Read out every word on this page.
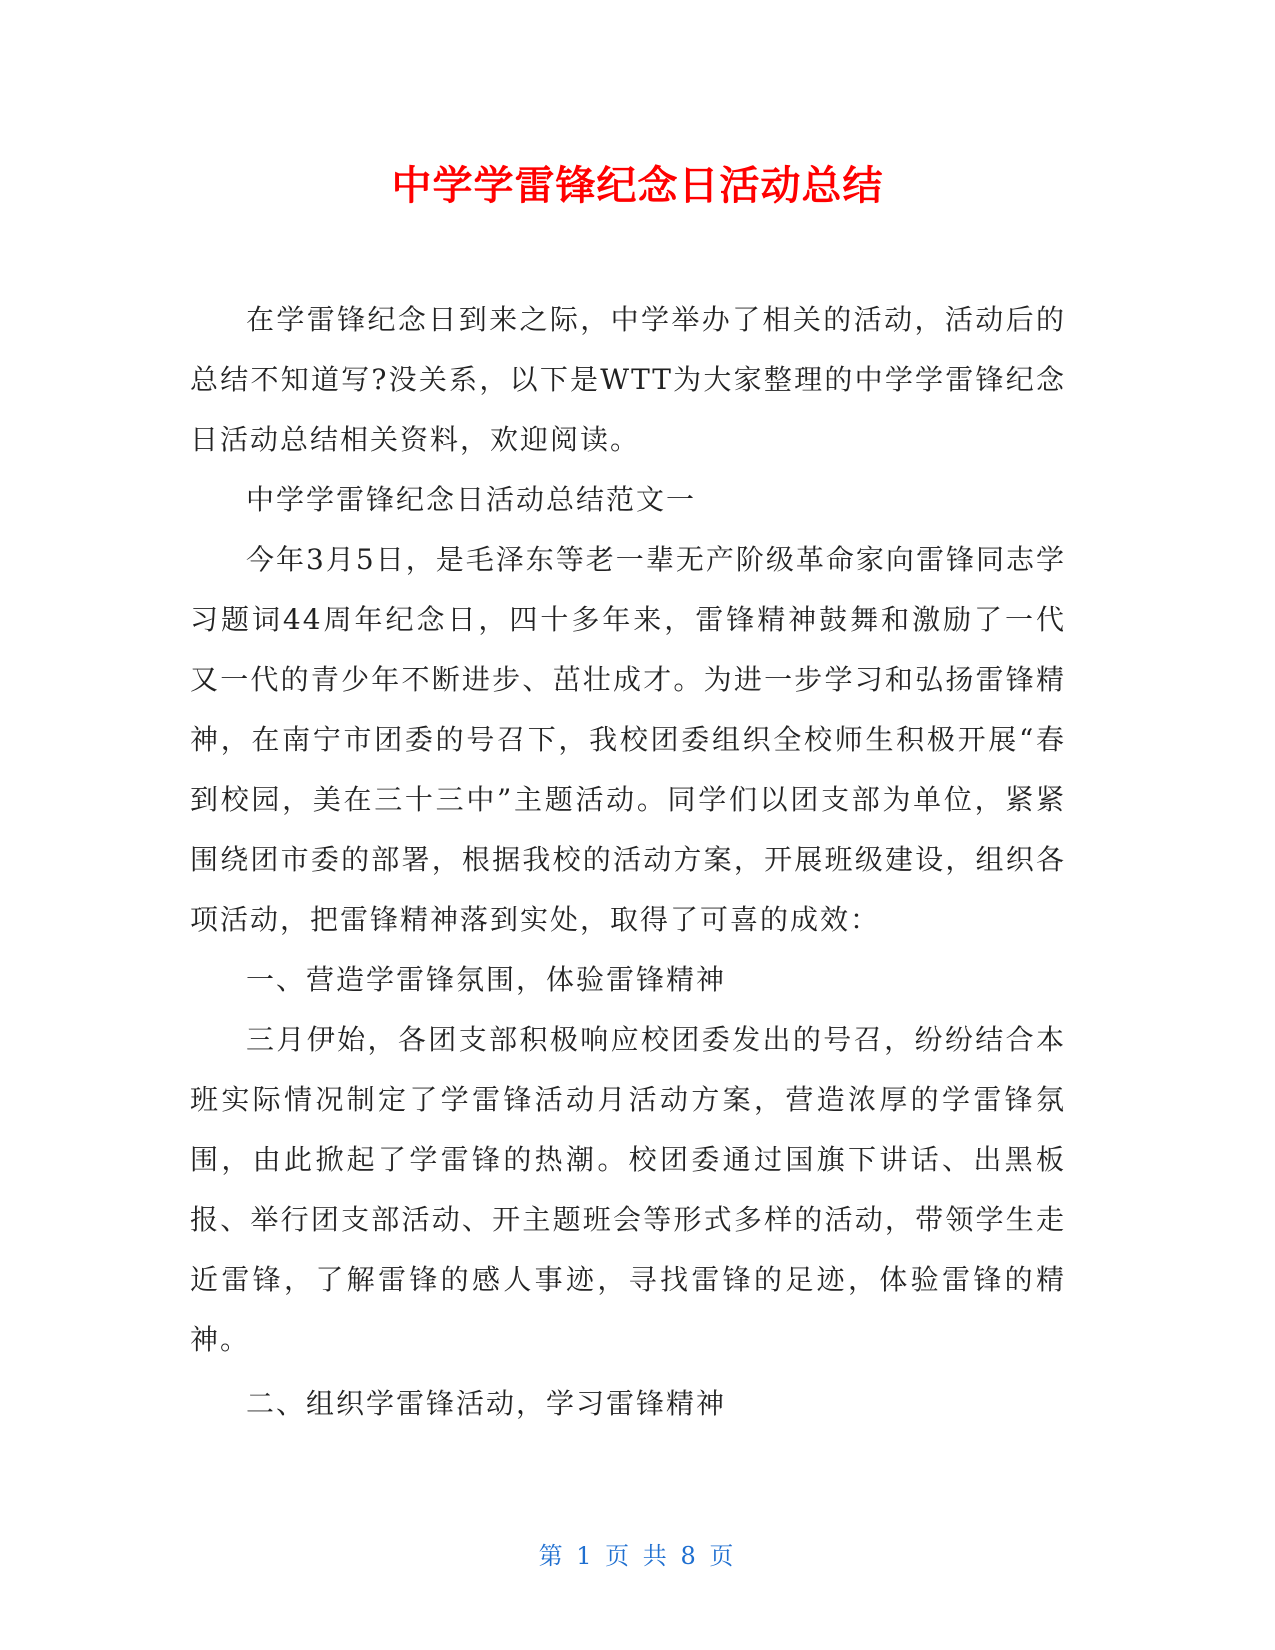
中学学雷锋纪念日活动总结

在学雷锋纪念日到来之际，中学举办了相关的活动，活动后的总结不知道写?没关系，以下是WTT为大家整理的中学学雷锋纪念日活动总结相关资料，欢迎阅读。

中学学雷锋纪念日活动总结范文一

今年3月5日，是毛泽东等老一辈无产阶级革命家向雷锋同志学习题词44周年纪念日，四十多年来，雷锋精神鼓舞和激励了一代又一代的青少年不断进步、茁壮成才。为进一步学习和弘扬雷锋精神，在南宁市团委的号召下，我校团委组织全校师生积极开展“春到校园，美在三十三中”主题活动。同学们以团支部为单位，紧紧围绕团市委的部署，根据我校的活动方案，开展班级建设，组织各项活动，把雷锋精神落到实处，取得了可喜的成效：

一、营造学雷锋氛围，体验雷锋精神

三月伊始，各团支部积极响应校团委发出的号召，纷纷结合本班实际情况制定了学雷锋活动月活动方案，营造浓厚的学雷锋氛围，由此掀起了学雷锋的热潮。校团委通过国旗下讲话、出黑板报、举行团支部活动、开主题班会等形式多样的活动，带领学生走近雷锋，了解雷锋的感人事迹，寻找雷锋的足迹，体验雷锋的精神。

二、组织学雷锋活动，学习雷锋精神

第 1 页 共 8 页
